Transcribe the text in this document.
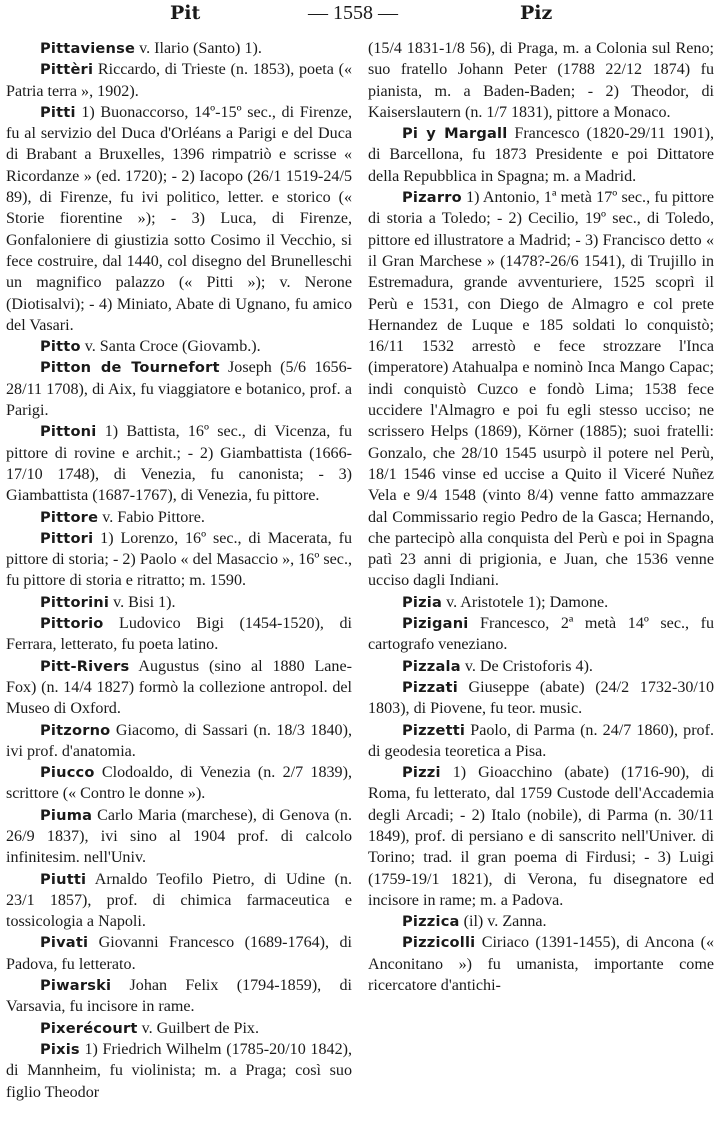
Pit	— 1558 —	Piz

Pittaviense v. Ilario (Santo) 1).

Pittèri Riccardo, di Trieste (n. 1853), poeta (« Patria terra », 1902).

Pitti 1) Buonaccorso, 14º-15º sec., di Firenze, fu al servizio del Duca d'Orléans a Parigi e del Duca di Brabant a Bruxelles, 1396 rimpatriò e scrisse « Ricordanze » (ed. 1720); - 2) Iacopo (26/1 1519-24/5 89), di Firenze, fu ivi politico, letter. e storico (« Storie fiorentine »); - 3) Luca, di Firenze, Gonfaloniere di giustizia sotto Cosimo il Vecchio, si fece costruire, dal 1440, col disegno del Brunelleschi un magnifico palazzo (« Pitti »); v. Nerone (Diotisalvi); - 4) Miniato, Abate di Ugnano, fu amico del Vasari.

Pitto v. Santa Croce (Giovamb.).

Pitton de Tournefort Joseph (5/6 1656-28/11 1708), di Aix, fu viaggiatore e botanico, prof. a Parigi.

Pittoni 1) Battista, 16º sec., di Vicenza, fu pittore di rovine e archit.; - 2) Giambattista (1666-17/10 1748), di Venezia, fu canonista; - 3) Giambattista (1687-1767), di Venezia, fu pittore.

Pittore v. Fabio Pittore.

Pittori 1) Lorenzo, 16º sec., di Macerata, fu pittore di storia; - 2) Paolo « del Masaccio », 16º sec., fu pittore di storia e ritratto; m. 1590.

Pittorini v. Bisi 1).

Pittorio Ludovico Bigi (1454-1520), di Ferrara, letterato, fu poeta latino.

Pitt-Rivers Augustus (sino al 1880 Lane-Fox) (n. 14/4 1827) formò la collezione antropol. del Museo di Oxford.

Pitzorno Giacomo, di Sassari (n. 18/3 1840), ivi prof. d'anatomia.

Piucco Clodoaldo, di Venezia (n. 2/7 1839), scrittore (« Contro le donne »).

Piuma Carlo Maria (marchese), di Genova (n. 26/9 1837), ivi sino al 1904 prof. di calcolo infinitesim. nell'Univ.

Piutti Arnaldo Teofilo Pietro, di Udine (n. 23/1 1857), prof. di chimica farmaceutica e tossicologia a Napoli.

Pivati Giovanni Francesco (1689-1764), di Padova, fu letterato.

Piwarski Johan Felix (1794-1859), di Varsavia, fu incisore in rame.

Pixerécourt v. Guilbert de Pix.

Pixis 1) Friedrich Wilhelm (1785-20/10 1842), di Mannheim, fu violinista; m. a Praga; così suo figlio Theodor

(15/4 1831-1/8 56), di Praga, m. a Colonia sul Reno; suo fratello Johann Peter (1788 22/12 1874) fu pianista, m. a Baden-Baden; - 2) Theodor, di Kaiserslautern (n. 1/7 1831), pittore a Monaco.

Pi y Margall Francesco (1820-29/11 1901), di Barcellona, fu 1873 Presidente e poi Dittatore della Repubblica in Spagna; m. a Madrid.

Pizarro 1) Antonio, 1ª metà 17º sec., fu pittore di storia a Toledo; - 2) Cecilio, 19º sec., di Toledo, pittore ed illustratore a Madrid; - 3) Francisco detto « il Gran Marchese » (1478?-26/6 1541), di Trujillo in Estremadura, grande avventuriere, 1525 scoprì il Perù e 1531, con Diego de Almagro e col prete Hernandez de Luque e 185 soldati lo conquistò; 16/11 1532 arrestò e fece strozzare l'Inca (imperatore) Atahualpa e nominò Inca Mango Capac; indi conquistò Cuzco e fondò Lima; 1538 fece uccidere l'Almagro e poi fu egli stesso ucciso; ne scrissero Helps (1869), Körner (1885); suoi fratelli: Gonzalo, che 28/10 1545 usurpò il potere nel Perù, 18/1 1546 vinse ed uccise a Quito il Viceré Nuñez Vela e 9/4 1548 (vinto 8/4) venne fatto ammazzare dal Commissario regio Pedro de la Gasca; Hernando, che partecipò alla conquista del Perù e poi in Spagna patì 23 anni di prigionia, e Juan, che 1536 venne ucciso dagli Indiani.

Pizia v. Aristotele 1); Damone.

Pizigani Francesco, 2ª metà 14º sec., fu cartografo veneziano.

Pizzala v. De Cristoforis 4).

Pizzati Giuseppe (abate) (24/2 1732-30/10 1803), di Piovene, fu teor. music.

Pizzetti Paolo, di Parma (n. 24/7 1860), prof. di geodesia teoretica a Pisa.

Pizzi 1) Gioacchino (abate) (1716-90), di Roma, fu letterato, dal 1759 Custode dell'Accademia degli Arcadi; - 2) Italo (nobile), di Parma (n. 30/11 1849), prof. di persiano e di sanscrito nell'Univer. di Torino; trad. il gran poema di Firdusi; - 3) Luigi (1759-19/1 1821), di Verona, fu disegnatore ed incisore in rame; m. a Padova.

Pizzica (il) v. Zanna.

Pizzicolli Ciriaco (1391-1455), di Ancona (« Anconitano ») fu umanista, importante come ricercatore d'antichi-
